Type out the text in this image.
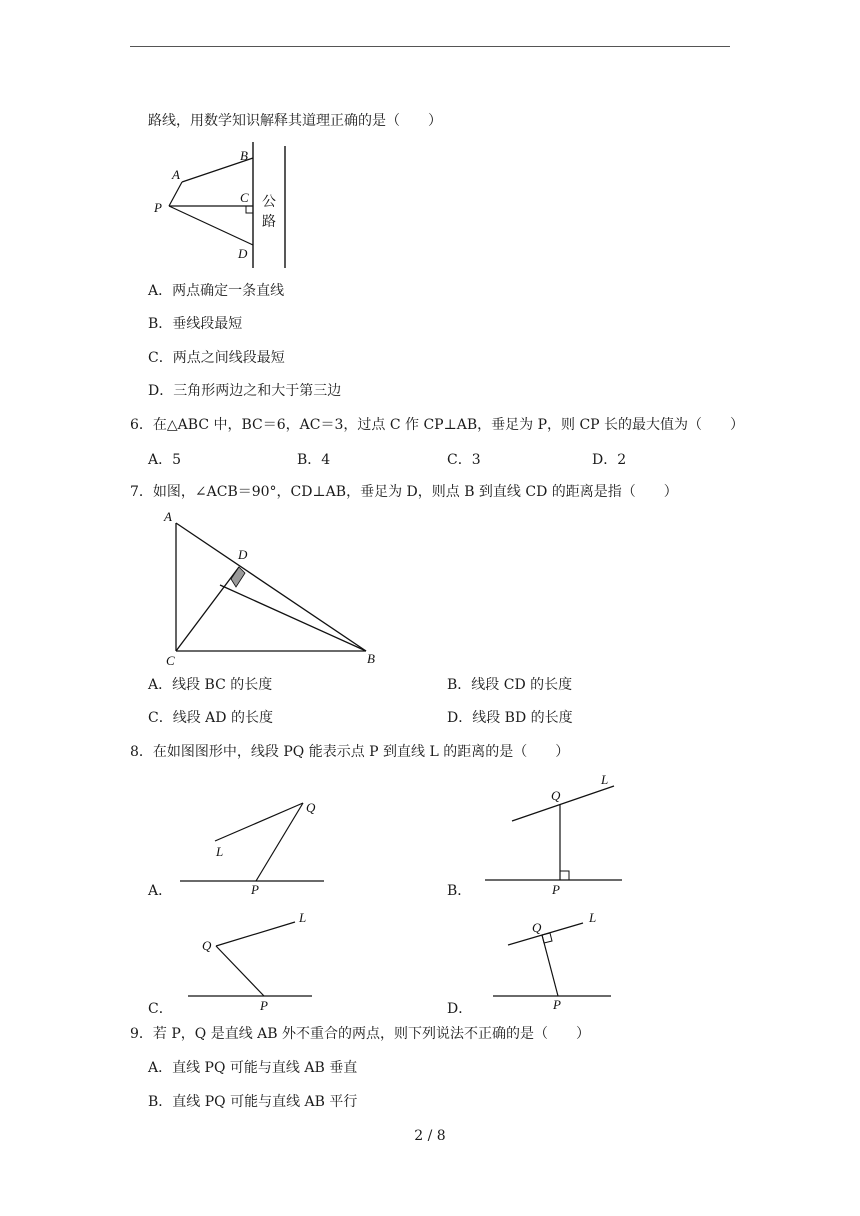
路线，用数学知识解释其道理正确的是（　　）
A
B
C
D
P	公
路
A．两点确定一条直线
B．垂线段最短
C．两点之间线段最短
D．三角形两边之和大于第三边
6．在△ABC 中，BC＝6，AC＝3，过点 C 作 CP⊥AB，垂足为 P，则 CP 长的最大值为（　　）
A．5	B．4	C．3	D．2
7．如图，∠ACB＝90°，CD⊥AB，垂足为 D，则点 B 到直线 CD 的距离是指（　　）
A
C	B
D
A．线段 BC 的长度	B．线段 CD 的长度
C．线段 AD 的长度	D．线段 BD 的长度
8．在如图图形中，线段 PQ 能表示点 P 到直线 L 的距离的是（　　）
A．
Q
L
P	B．
Q
L
P
C．
Q
L
P	D．
Q
L
P
9．若 P，Q 是直线 AB 外不重合的两点，则下列说法不正确的是（　　）
A．直线 PQ 可能与直线 AB 垂直
B．直线 PQ 可能与直线 AB 平行
2 / 8
